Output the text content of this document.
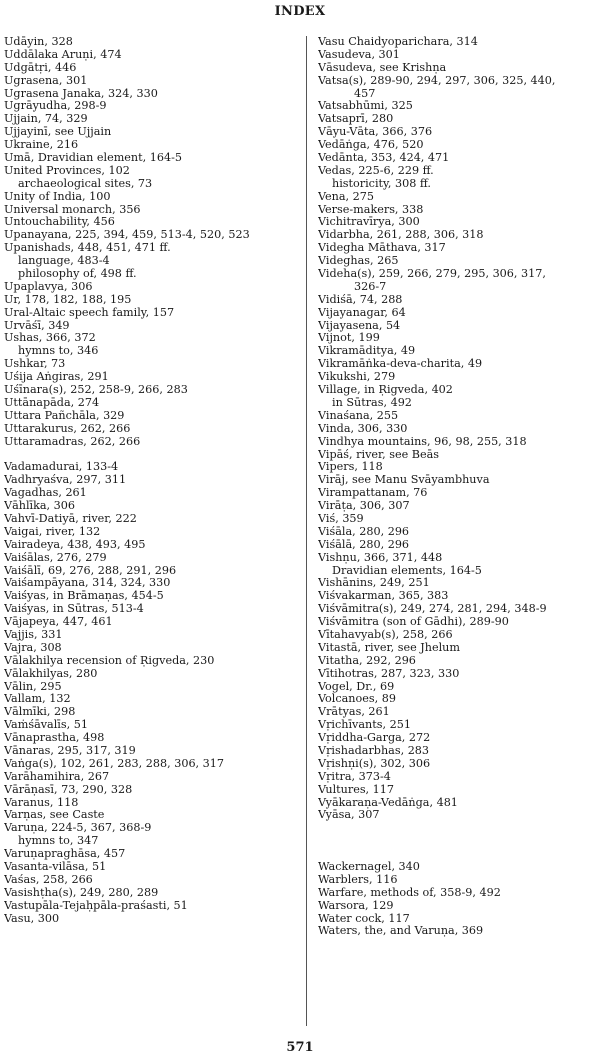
INDEX
Udāyin, 328
Uddālaka Aruṇi, 474
Udgātṛi, 446
Ugrasena, 301
Ugrasena Janaka, 324, 330
Ugrāyudha, 298-9
Ujjain, 74, 329
Ujjayinī, see Ujjain
Ukraine, 216
Umā, Dravidian element, 164-5
United Provinces, 102
archaeological sites, 73
Unity of India, 100
Universal monarch, 356
Untouchability, 456
Upanayana, 225, 394, 459, 513-4, 520, 523
Upanishads, 448, 451, 471 ff.
language, 483-4
philosophy of, 498 ff.
Upaplavya, 306
Ur, 178, 182, 188, 195
Ural-Altaic speech family, 157
Urvāśī, 349
Ushas, 366, 372
hymns to, 346
Ushkar, 73
Uśija Aṅgiras, 291
Uśīnara(s), 252, 258-9, 266, 283
Uttānapāda, 274
Uttara Pañchāla, 329
Uttarakurus, 262, 266
Uttaramadras, 262, 266
Vadamadurai, 133-4
Vadhryaśva, 297, 311
Vagadhas, 261
Vāhlīka, 306
Vahvī-Datiyā, river, 222
Vaigai, river, 132
Vairadeya, 438, 493, 495
Vaiśālas, 276, 279
Vaiśālī, 69, 276, 288, 291, 296
Vaiśampāyana, 314, 324, 330
Vaiśyas, in Brāmaṇas, 454-5
Vaiśyas, in Sūtras, 513-4
Vājapeya, 447, 461
Vajjis, 331
Vajra, 308
Vālakhilya recension of Ṛigveda, 230
Vālakhilyas, 280
Vālin, 295
Vallam, 132
Vālmīki, 298
Vaṁśāvalīs, 51
Vānaprastha, 498
Vānaras, 295, 317, 319
Vaṅga(s), 102, 261, 283, 288, 306, 317
Varāhamihira, 267
Vārāṇasī, 73, 290, 328
Varanus, 118
Varṇas, see Caste
Varuṇa, 224-5, 367, 368-9
hymns to, 347
Varuṇapraghāsa, 457
Vasanta-vilāsa, 51
Vaśas, 258, 266
Vasishṭha(s), 249, 280, 289
Vastupāla-Tejaḥpāla-praśasti, 51
Vasu, 300
Vasu Chaidyoparichara, 314
Vasudeva, 301
Vāsudeva, see Krishṇa
Vatsa(s), 289-90, 294, 297, 306, 325, 440,
457
Vatsabhūmi, 325
Vatsaprī, 280
Vāyu-Vāta, 366, 376
Vedāṅga, 476, 520
Vedānta, 353, 424, 471
Vedas, 225-6, 229 ff.
historicity, 308 ff.
Vena, 275
Verse-makers, 338
Vichitravīrya, 300
Vidarbha, 261, 288, 306, 318
Videgha Māthava, 317
Videghas, 265
Videha(s), 259, 266, 279, 295, 306, 317,
326-7
Vidiśā, 74, 288
Vijayanagar, 64
Vijayasena, 54
Vijnot, 199
Vikramāditya, 49
Vikramāṅka-deva-charita, 49
Vikukshi, 279
Village, in Ṛigveda, 402
in Sūtras, 492
Vinaśana, 255
Vinda, 306, 330
Vindhya mountains, 96, 98, 255, 318
Vipāś, river, see Beās
Vipers, 118
Virāj, see Manu Svāyambhuva
Virampattanam, 76
Virāṭa, 306, 307
Viś, 359
Viśāla, 280, 296
Viśālā, 280, 296
Vishṇu, 366, 371, 448
Dravidian elements, 164-5
Vishānins, 249, 251
Viśvakarman, 365, 383
Viśvāmitra(s), 249, 274, 281, 294, 348-9
Viśvāmitra (son of Gādhi), 289-90
Vītahavyab(s), 258, 266
Vitastā, river, see Jhelum
Vitatha, 292, 296
Vītihotras, 287, 323, 330
Vogel, Dr., 69
Volcanoes, 89
Vrātyas, 261
Vṛichīvants, 251
Vṛiddha-Garga, 272
Vṛishadarbhas, 283
Vṛishṇi(s), 302, 306
Vṛitra, 373-4
Vultures, 117
Vyākaraṇa-Vedāṅga, 481
Vyāsa, 307
Wackernagel, 340
Warblers, 116
Warfare, methods of, 358-9, 492
Warsora, 129
Water cock, 117
Waters, the, and Varuṇa, 369
571
